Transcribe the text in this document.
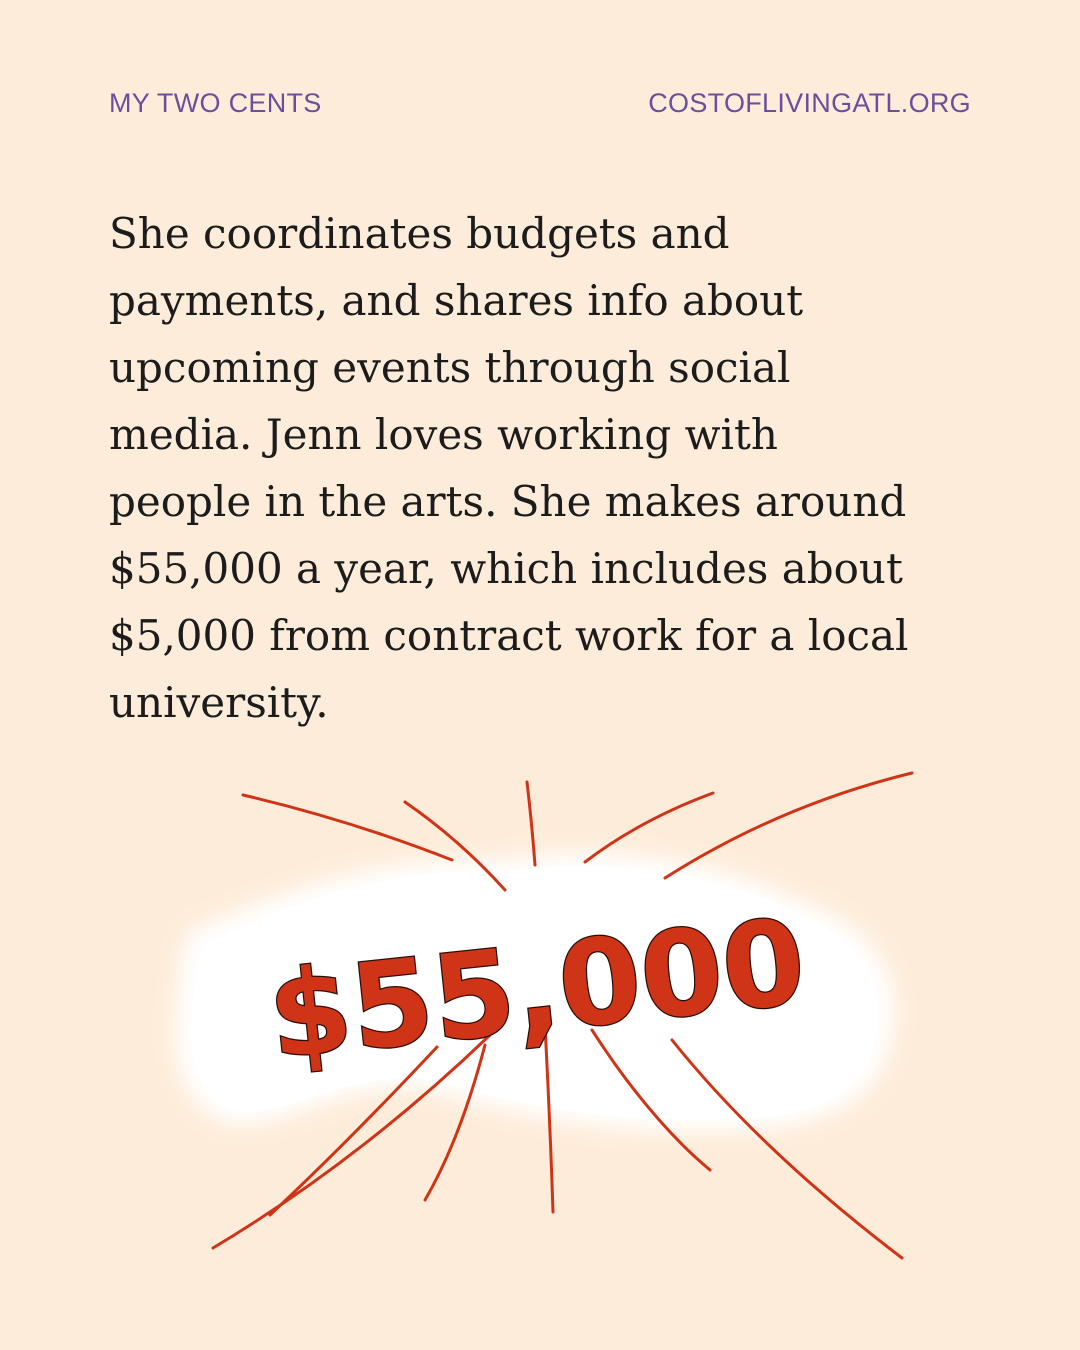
MY TWO CENTS	COSTOFLIVINGATL.ORG

She coordinates budgets and
payments, and shares info about
upcoming events through social
media. Jenn loves working with
people in the arts. She makes around
$55,000 a year, which includes about
$5,000 from contract work for a local
university.

$55,000
